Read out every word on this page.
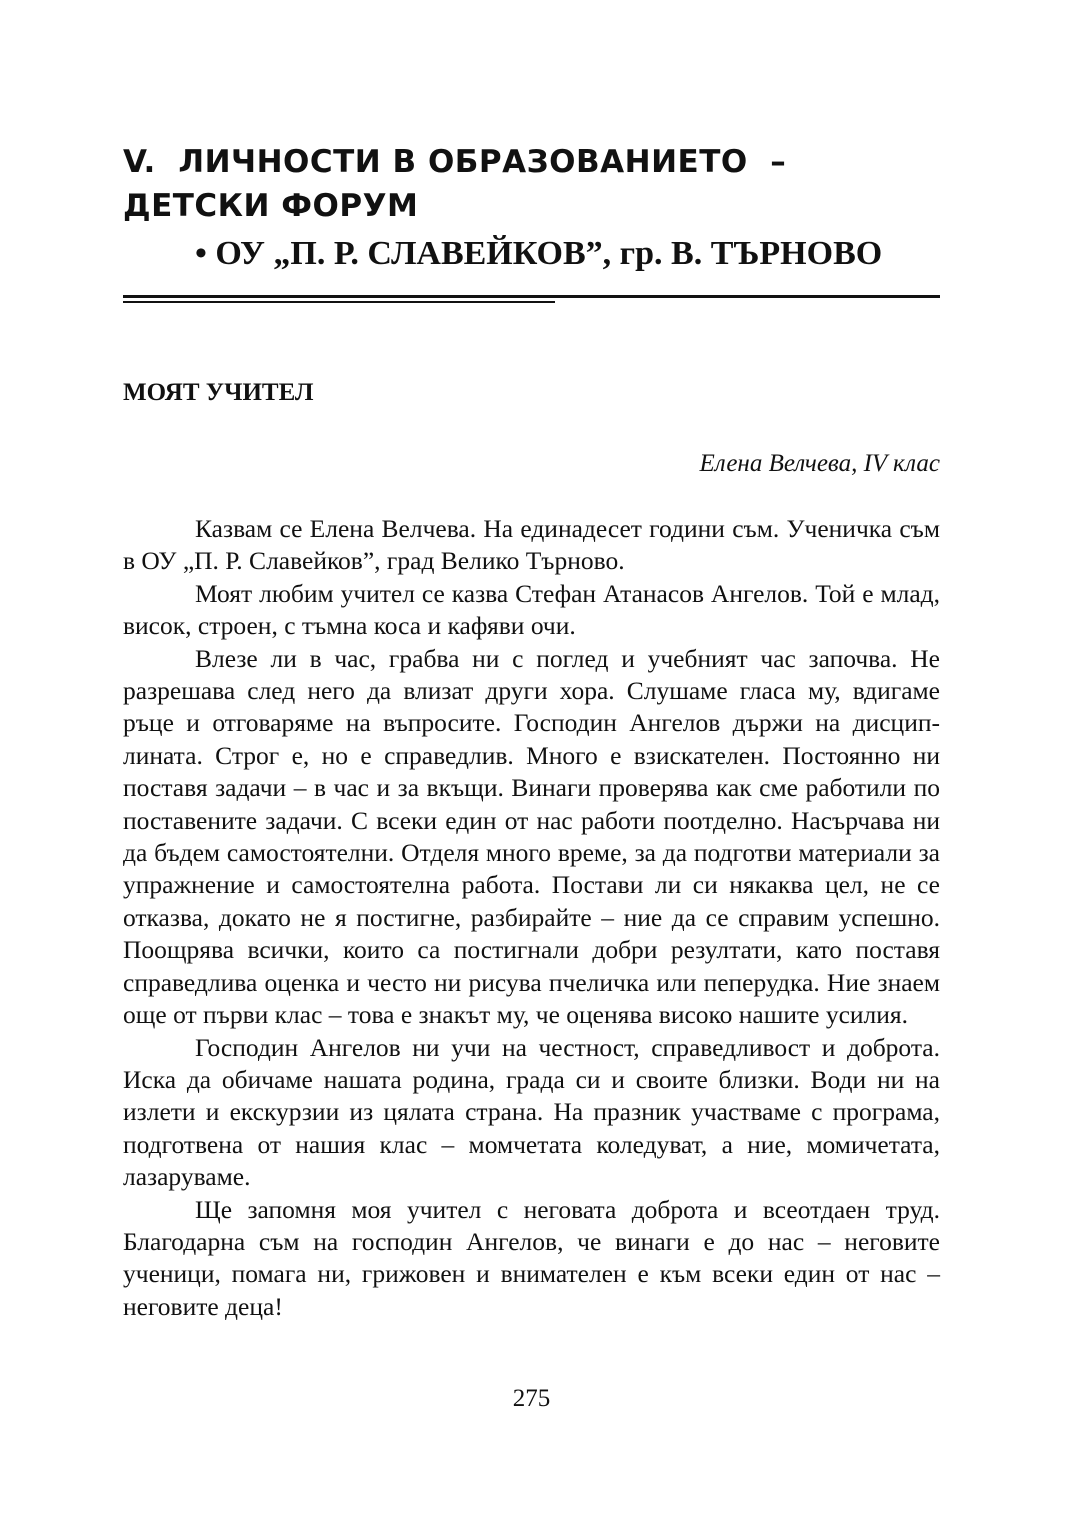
V.  ЛИЧНОСТИ В ОБРАЗОВАНИЕТО  –
ДЕТСКИ ФОРУМ
• ОУ „П. Р. СЛАВЕЙКОВ”, гр. В. ТЪРНОВО
МОЯТ УЧИТЕЛ

Елена Велчева, IV клас

Казвам се Елена Велчева. На единадесет години съм. Ученичка съм в ОУ „П. Р. Славейков”, град Велико Търново.

Моят любим учител се казва Стефан Атанасов Ангелов. Той е млад, висок, строен, с тъмна коса и кафяви очи.

Влезе ли в час, грабва ни с поглед и учебният час започва. Не разрешава след него да влизат други хора. Слушаме гласа му, вдигаме ръце и отговаряме на въпросите. Господин Ангелов държи на дисциплината. Строг е, но е справедлив. Много е взискателен. Постоянно ни поставя задачи – в час и за вкъщи. Винаги проверява как сме работили по поставените задачи. С всеки един от нас работи поотделно. Насърчава ни да бъдем самостоятелни. Отделя много време, за да подготви материали за упражнение и самостоятелна работа. Постави ли си някаква цел, не се отказва, докато не я постигне, разбирайте – ние да се справим успешно. Поощрява всички, които са постигнали добри резултати, като поставя справедлива оценка и често ни рисува пчеличка или пеперудка. Ние знаем още от първи клас – това е знакът му, че оценява високо нашите усилия.

Господин Ангелов ни учи на честност, справедливост и доброта. Иска да обичаме нашата родина, града си и своите близки. Води ни на излети и екскурзии из цялата страна. На празник участваме с програма, подготвена от нашия клас – момчетата коледуват, а ние, момичетата, лазаруваме.

Ще запомня моя учител с неговата доброта и всеотдаен труд. Благодарна съм на господин Ангелов, че винаги е до нас – неговите ученици, помага ни, грижовен и внимателен е към всеки един от нас – неговите деца!

275
